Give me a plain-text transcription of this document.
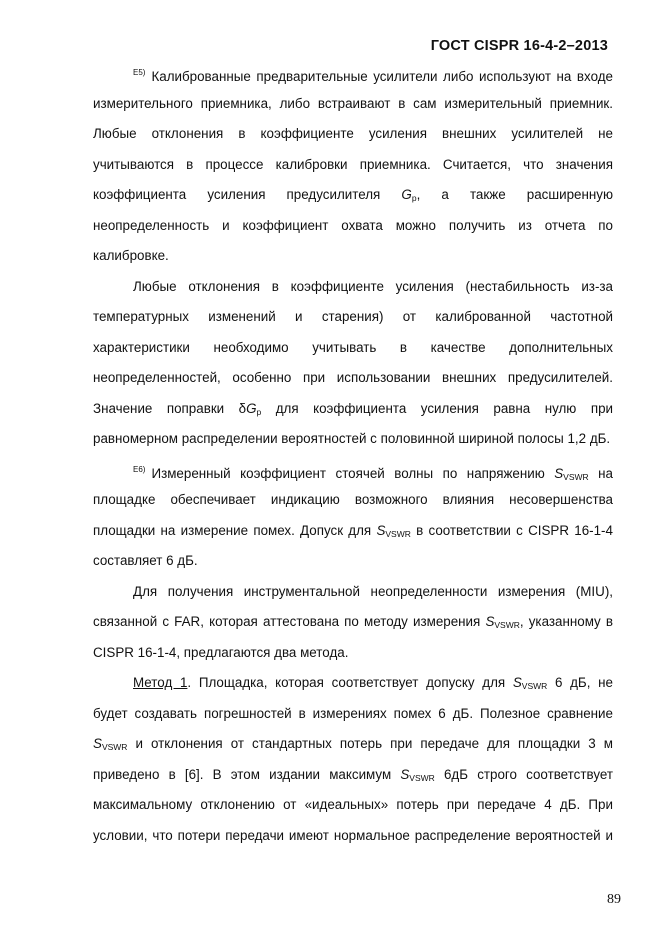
ГОСТ CISPR 16-4-2–2013
$^{Е5)}$ Калиброванные предварительные усилители либо используют на входе
измерительного приемника, либо встраивают в сам измерительный приемник.
Любые отклонения в коэффициенте усиления внешних усилителей не
учитываются в процессе калибровки приемника. Считается, что значения
коэффициента усиления предусилителя $G_р$, а также расширенную
неопределенность и коэффициент охвата можно получить из отчета по
калибровке.
Любые отклонения в коэффициенте усиления (нестабильность из-за
температурных изменений и старения) от калиброванной частотной
характеристики необходимо учитывать в качестве дополнительных
неопределенностей, особенно при использовании внешних предусилителей.
Значение поправки $\delta G_р$ для коэффициента усиления равна нулю при
равномерном распределении вероятностей с половинной шириной полосы 1,2 дБ.
$^{Е6)}$ Измеренный коэффициент стоячей волны по напряжению $S_{VSWR}$ на
площадке обеспечивает индикацию возможного влияния несовершенства
площадки на измерение помех. Допуск для $S_{VSWR}$ в соответствии с CISPR 16-1-4
составляет 6 дБ.
Для получения инструментальной неопределенности измерения (MIU),
связанной с FAR, которая аттестована по методу измерения $S_{VSWR}$, указанному в
CISPR 16-1-4, предлагаются два метода.
Метод 1. Площадка, которая соответствует допуску для $S_{VSWR}$ 6 дБ, не
будет создавать погрешностей в измерениях помех 6 дБ. Полезное сравнение
$S_{VSWR}$ и отклонения от стандартных потерь при передаче для площадки 3 м
приведено в [6]. В этом издании максимум $S_{VSWR}$ 6дБ строго соответствует
максимальному отклонению от «идеальных» потерь при передаче 4 дБ. При
условии, что потери передачи имеют нормальное распределение вероятностей и
89
